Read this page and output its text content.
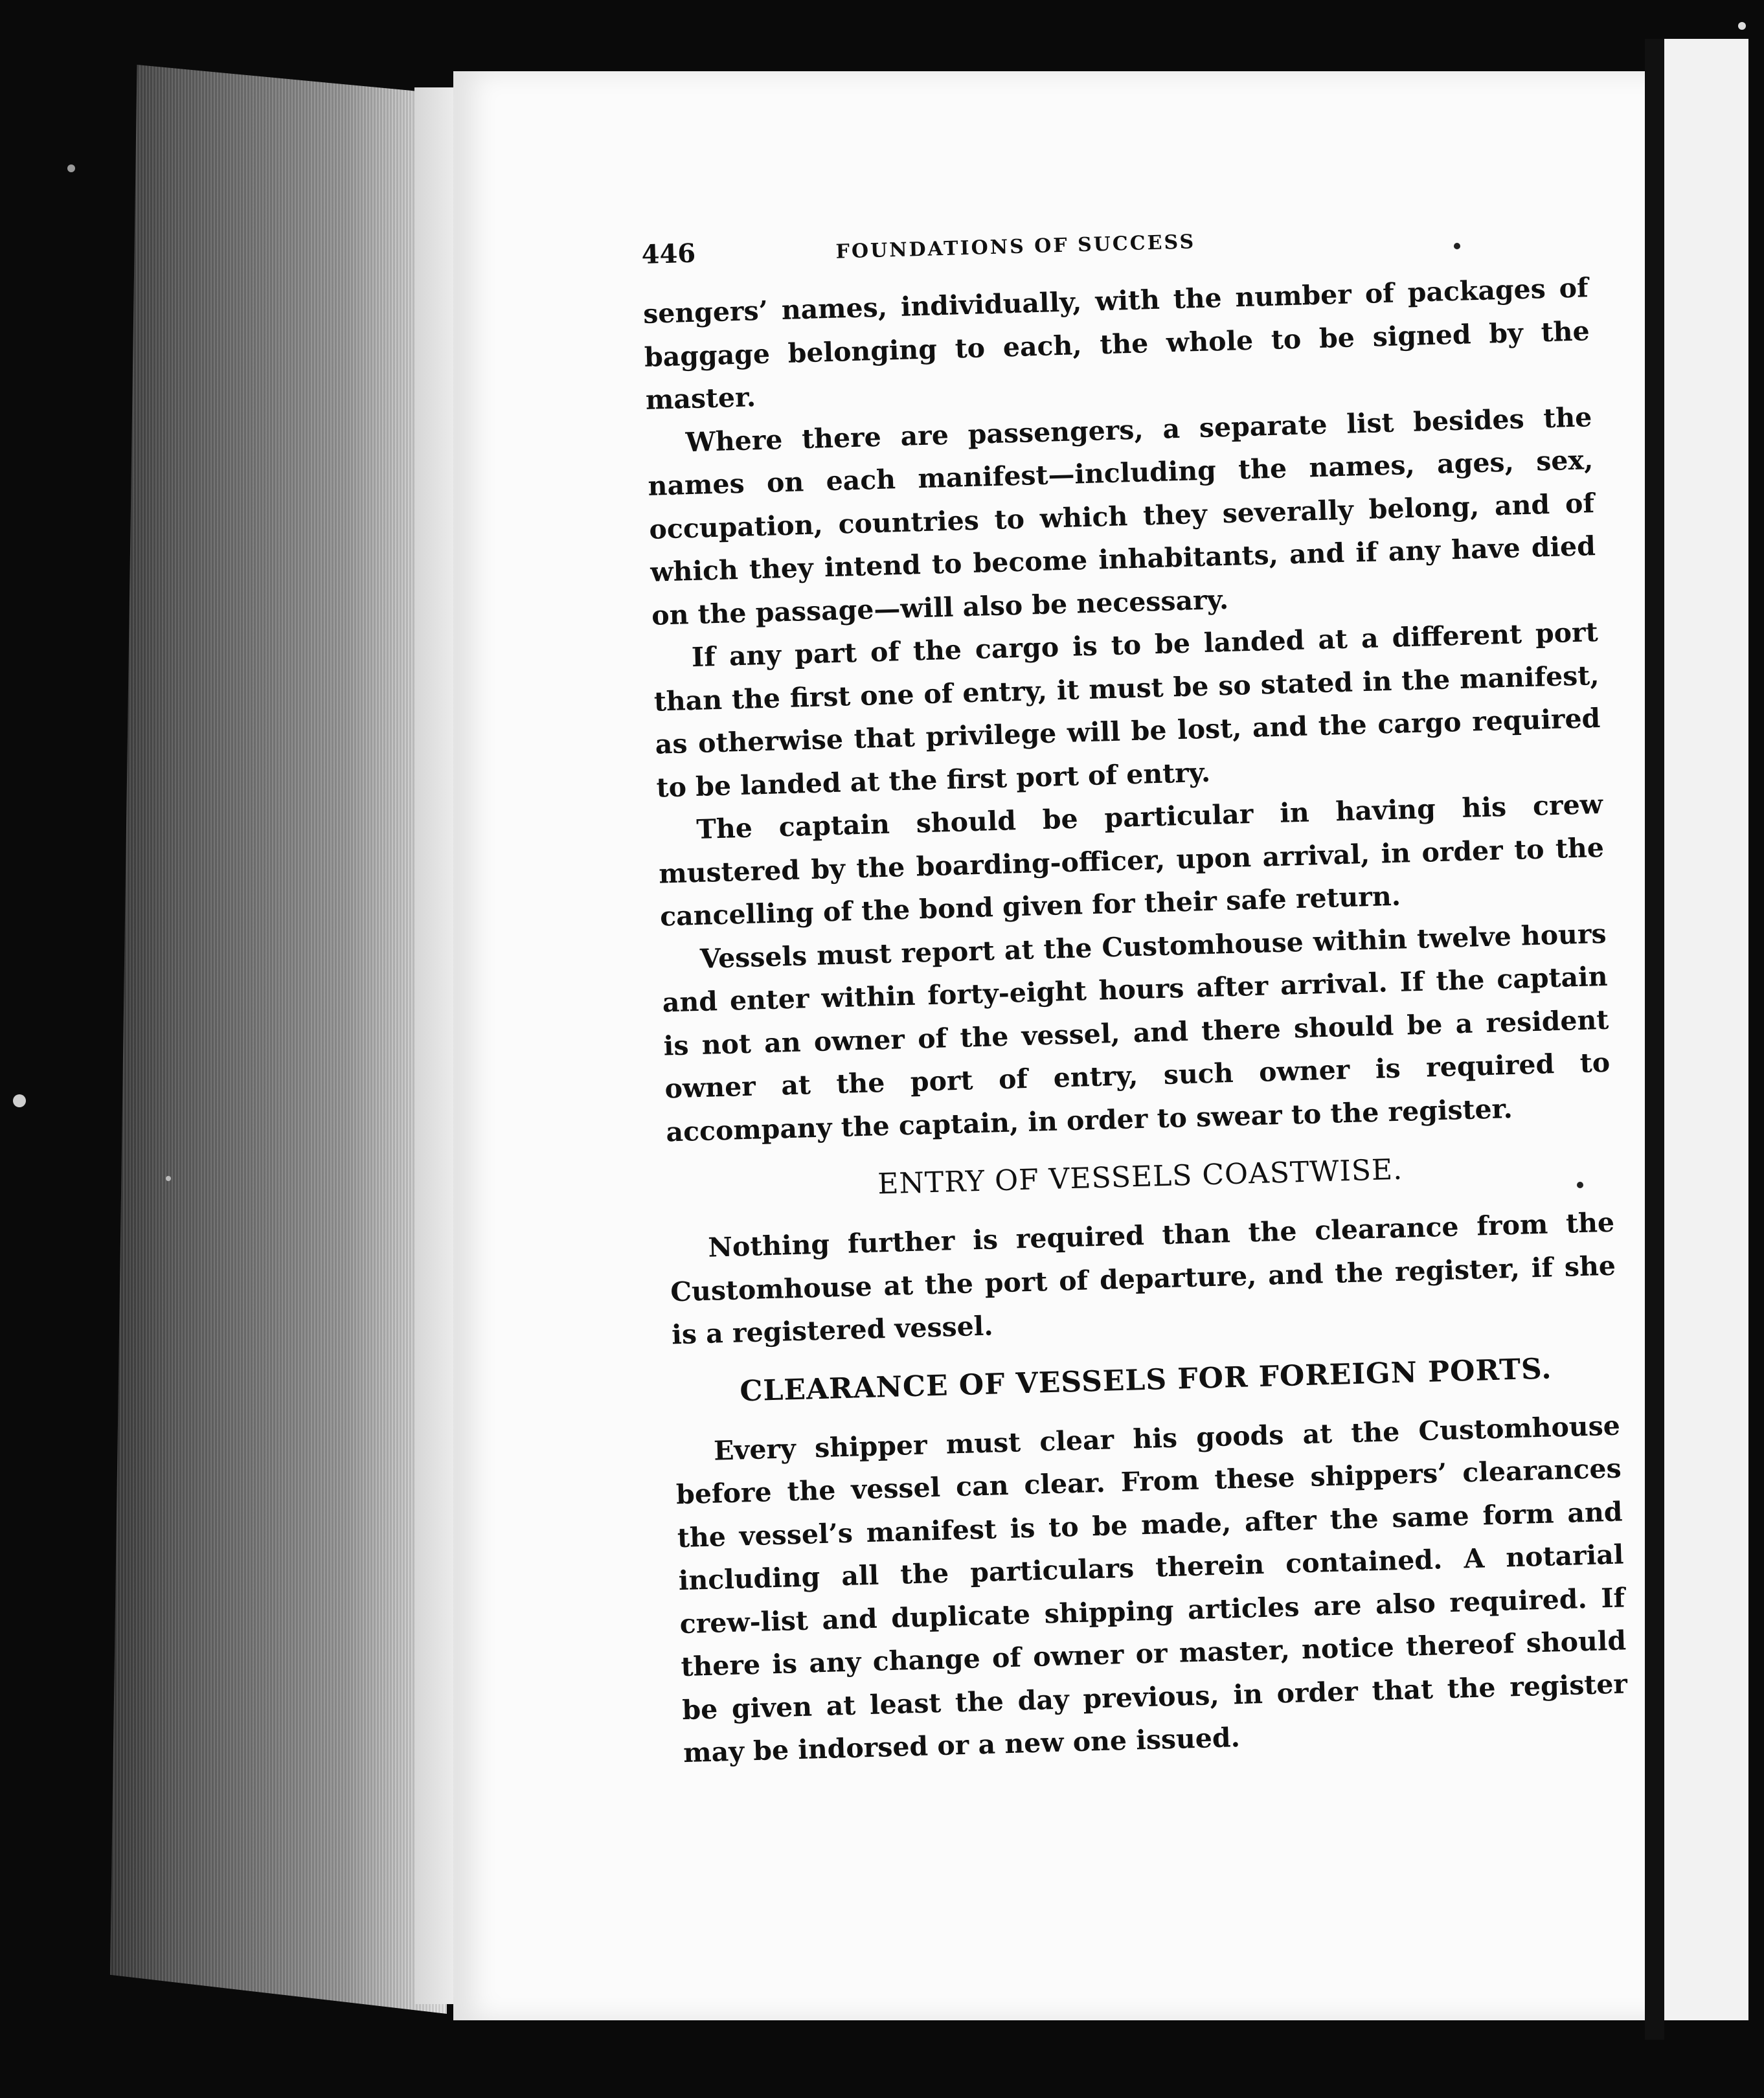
446	FOUNDATIONS OF SUCCESS

sengers’ names, individually, with the number of packages of baggage belonging to each, the whole to be signed by the master.

Where there are passengers, a separate list besides the names on each manifest—including the names, ages, sex, occupation, countries to which they severally belong, and of which they intend to become inhabitants, and if any have died on the passage—will also be necessary.

If any part of the cargo is to be landed at a different port than the first one of entry, it must be so stated in the manifest, as otherwise that privilege will be lost, and the cargo required to be landed at the first port of entry.

The captain should be particular in having his crew mustered by the boarding-officer, upon arrival, in order to the cancelling of the bond given for their safe return.

Vessels must report at the Customhouse within twelve hours and enter within forty-eight hours after arrival. If the captain is not an owner of the vessel, and there should be a resident owner at the port of entry, such owner is required to accompany the captain, in order to swear to the register.

ENTRY OF VESSELS COASTWISE.

Nothing further is required than the clearance from the Customhouse at the port of departure, and the register, if she is a registered vessel.

CLEARANCE OF VESSELS FOR FOREIGN PORTS.

Every shipper must clear his goods at the Customhouse before the vessel can clear. From these shippers’ clearances the vessel’s manifest is to be made, after the same form and including all the particulars therein contained. A notarial crew-list and duplicate shipping articles are also required. If there is any change of owner or master, notice thereof should be given at least the day previous, in order that the register may be indorsed or a new one issued.
